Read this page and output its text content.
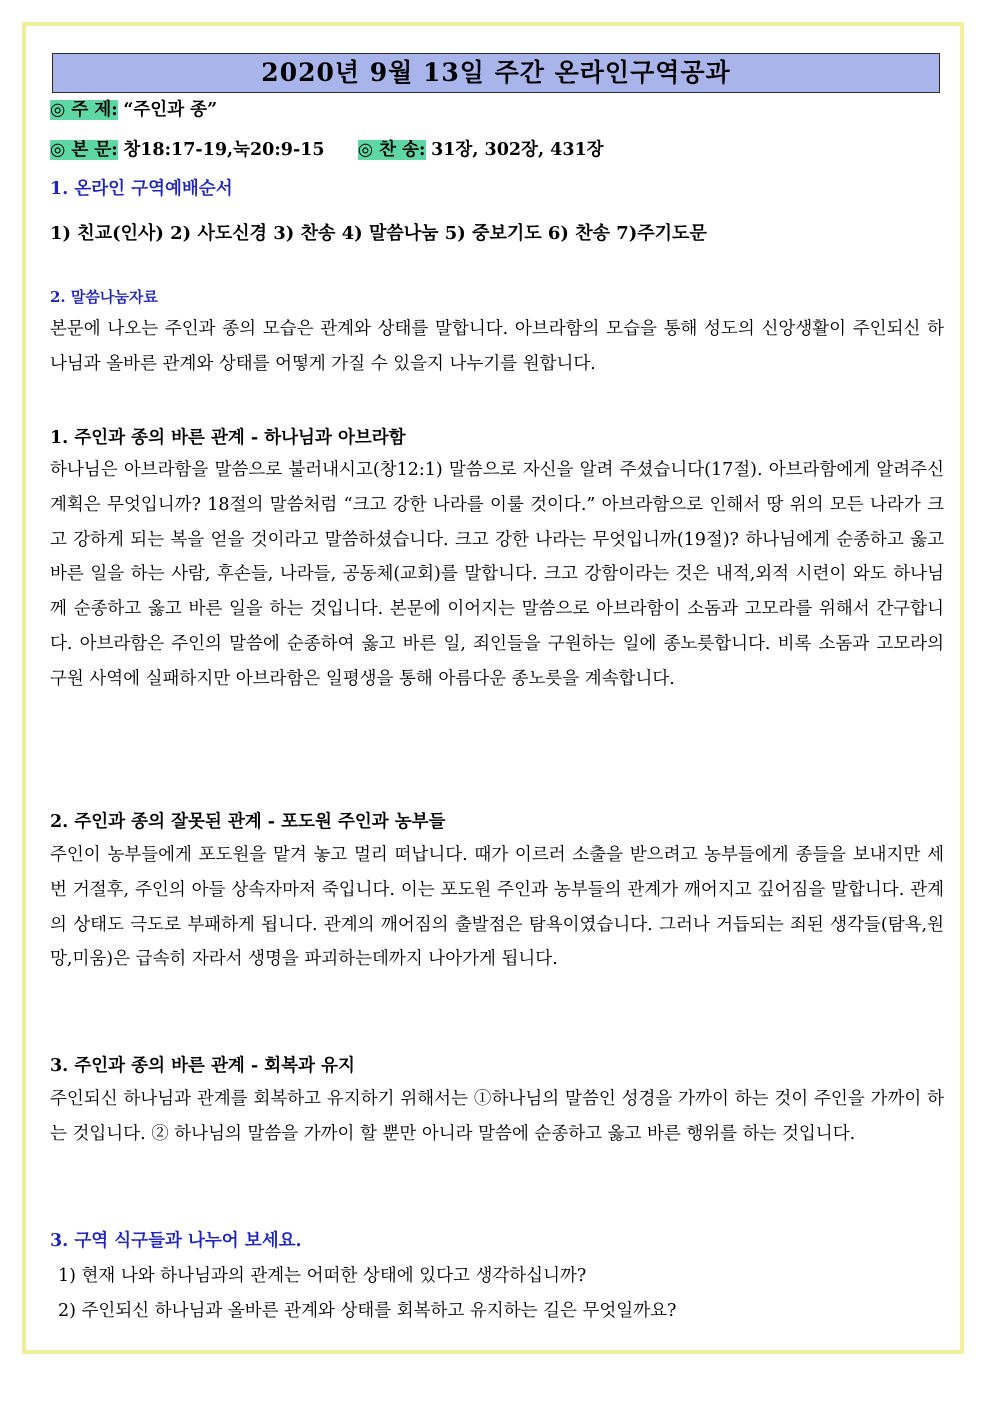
2020년 9월 13일 주간 온라인구역공과
◎ 주 제: “주인과 종”
◎ 본 문: 창18:17-19,눅20:9-15 ◎ 찬 송: 31장, 302장, 431장
1. 온라인 구역예배순서
1) 친교(인사) 2) 사도신경 3) 찬송 4) 말씀나눔 5) 중보기도 6) 찬송 7)주기도문
2. 말씀나눔자료
본문에 나오는 주인과 종의 모습은 관계와 상태를 말합니다. 아브라함의 모습을 통해 성도의 신앙생활이 주인되신 하나님과 올바른 관계와 상태를 어떻게 가질 수 있을지 나누기를 원합니다.
1. 주인과 종의 바른 관계 - 하나님과 아브라함
하나님은 아브라함을 말씀으로 불러내시고(창12:1) 말씀으로 자신을 알려 주셨습니다(17절). 아브라함에게 알려주신 계획은 무엇입니까? 18절의 말씀처럼 “크고 강한 나라를 이룰 것이다.” 아브라함으로 인해서 땅 위의 모든 나라가 크고 강하게 되는 복을 얻을 것이라고 말씀하셨습니다. 크고 강한 나라는 무엇입니까(19절)? 하나님에게 순종하고 옳고 바른 일을 하는 사람, 후손들, 나라들, 공동체(교회)를 말합니다. 크고 강함이라는 것은 내적,외적 시련이 와도 하나님께 순종하고 옳고 바른 일을 하는 것입니다. 본문에 이어지는 말씀으로 아브라함이 소돔과 고모라를 위해서 간구합니다. 아브라함은 주인의 말씀에 순종하여 옳고 바른 일, 죄인들을 구원하는 일에 종노릇합니다. 비록 소돔과 고모라의 구원 사역에 실패하지만 아브라함은 일평생을 통해 아름다운 종노릇을 계속합니다.
2. 주인과 종의 잘못된 관계 - 포도원 주인과 농부들
주인이 농부들에게 포도원을 맡겨 놓고 멀리 떠납니다. 때가 이르러 소출을 받으려고 농부들에게 종들을 보내지만 세 번 거절후, 주인의 아들 상속자마저 죽입니다. 이는 포도원 주인과 농부들의 관계가 깨어지고 깊어짐을 말합니다. 관계의 상태도 극도로 부패하게 됩니다. 관계의 깨어짐의 출발점은 탐욕이였습니다. 그러나 거듭되는 죄된 생각들(탐욕,원망,미움)은 급속히 자라서 생명을 파괴하는데까지 나아가게 됩니다.
3. 주인과 종의 바른 관계 - 회복과 유지
주인되신 하나님과 관계를 회복하고 유지하기 위해서는 ①하나님의 말씀인 성경을 가까이 하는 것이 주인을 가까이 하는 것입니다. ② 하나님의 말씀을 가까이 할 뿐만 아니라 말씀에 순종하고 옳고 바른 행위를 하는 것입니다.
3. 구역 식구들과 나누어 보세요.
1) 현재 나와 하나님과의 관계는 어떠한 상태에 있다고 생각하십니까?
2) 주인되신 하나님과 올바른 관계와 상태를 회복하고 유지하는 길은 무엇일까요?
